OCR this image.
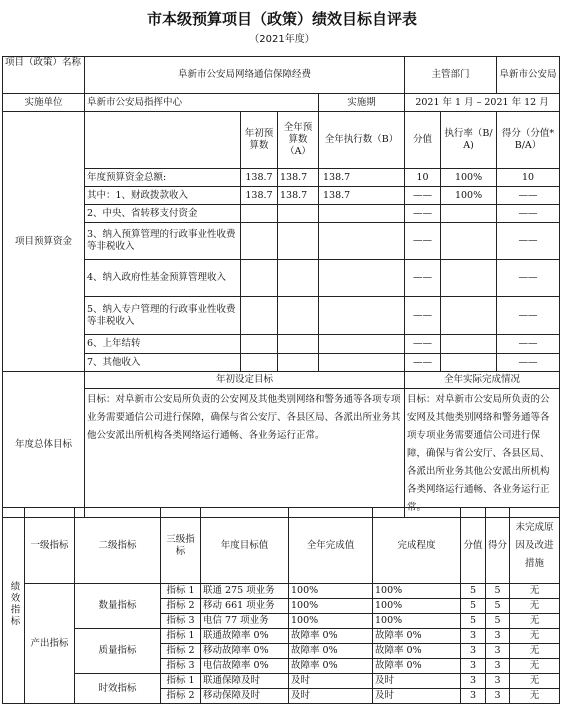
市本级预算项目（政策）绩效目标自评表
（2021年度）
项目（政策）名称	阜新市公安局网络通信保障经费				主管部门		阜新市公安局
实施单位	阜新市公安局指挥中心			实施期	2021 年 1 月 – 2021 年 12 月		
项目预算资金		年初预算数	全年预算数（A）	全年执行数（B）	分值	执行率（B/A)	得分（分值*B/A）
	年度预算资金总额:	138.7	138.7	138.7	10	100%	10
	其中：1、财政拨款收入	138.7	138.7	138.7	——	100%	——
	2、中央、省转移支付资金				——		——
	3、纳入预算管理的行政事业性收费等非税收入				——		——
	4、纳入政府性基金预算管理收入				——		——
	5、纳入专户管理的行政事业性收费等非税收入				——		——
	6、上年结转				——		——
	7、其他收入				——		——
年度总体目标	年初设定目标				全年实际完成情况		
	目标：对阜新市公安局所负责的公安网及其他类别网络和警务通等各项专项业务需要通信公司进行保障，确保与省公安厅、各县区局、各派出所业务其他公安派出所机构各类网络运行通畅、各业务运行正常。				目标：对阜新市公安局所负责的公安网及其他类别网络和警务通等各项专项业务需要通信公司进行保障，确保与省公安厅、各县区局、各派出所业务其他公安派出所机构各类网络运行通畅、各业务运行正常。		
绩效指标	一级指标	二级指标	三级指标	年度目标值	全年完成值	完成程度	分值	得分	未完成原因及改进措施
	产出指标	数量指标	指标 1	联通 275 项业务	100%	100%	5	5	无
			指标 2	移动 661 项业务	100%	100%	5	5	无
			指标 3	电信 77 项业务	100%	100%	5	5	无
		质量指标	指标 1	联通故障率 0%	故障率 0%	故障率 0%	3	3	无
			指标 2	移动故障率 0%	故障率 0%	故障率 0%	3	3	无
			指标 3	电信故障率 0%	故障率 0%	故障率 0%	3	3	无
		时效指标	指标 1	联通保障及时	及时	及时	3	3	无
			指标 2	移动保障及时	及时	及时	3	3	无
